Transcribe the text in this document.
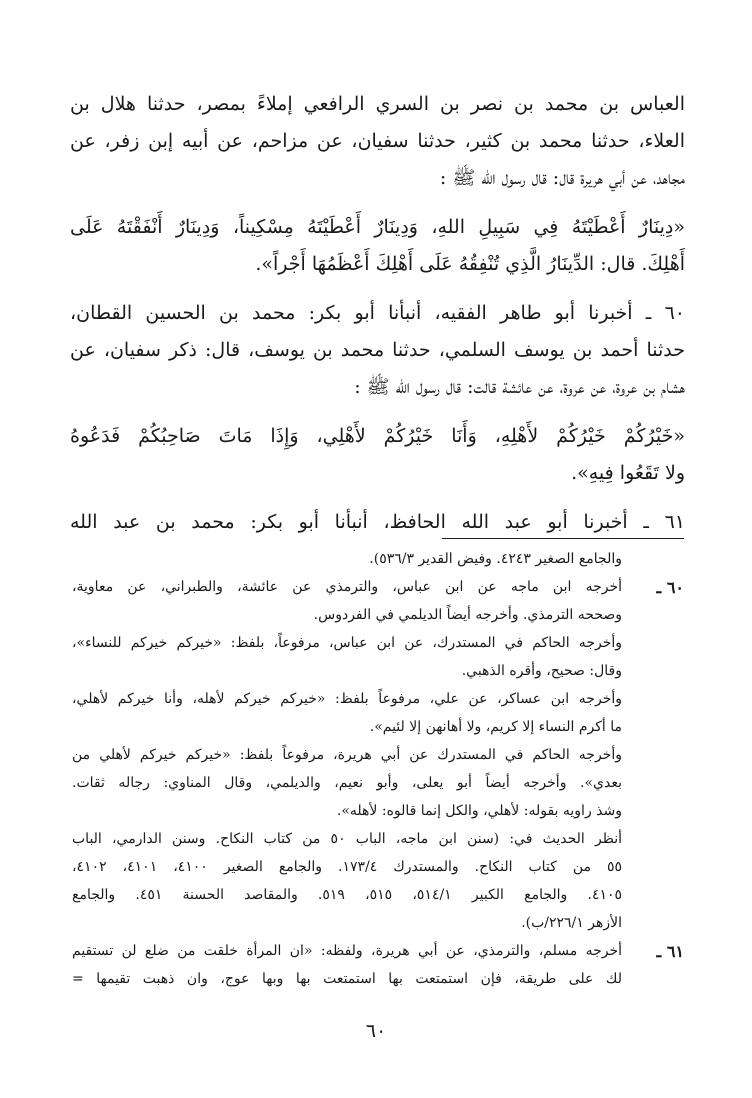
العباس بن محمد بن نصر بن السري الرافعي إملاءً بمصر، حدثنا هلال بن
العلاء، حدثنا محمد بن كثير، حدثنا سفيان، عن مزاحم، عن أبيه إبن زفر، عن
مجاهد، عن أبي هريرة قال: قال رسول الله ﷺ :
«دِينَارٌ أَعْطَيْتَهُ فِي سَبِيلِ اللهِ، وَدِينَارٌ أَعْطَيْتَهُ مِسْكِيناً، وَدِينَارٌ أَنْفَقْتَهُ عَلَى
أَهْلِكَ. قال: الدِّينَارُ الَّذِي تُنْفِقُهُ عَلَى أَهْلِكَ أَعْظَمُهَا أَجْراً».
٦٠ ـ أخبرنا أبو طاهر الفقيه، أنبأنا أبو بكر: محمد بن الحسين القطان،
حدثنا أحمد بن يوسف السلمي، حدثنا محمد بن يوسف، قال: ذكر سفيان، عن
هشام بن عروة، عن عروة، عن عائشة قالت: قال رسول الله ﷺ :
«خَيْرُكُمْ خَيْرُكُمْ لأَهْلِهِ، وَأَنَا خَيْرُكُمْ لأَهْلِي، وَإِذَا مَاتَ صَاحِبُكُمْ فَدَعُوهُ
ولا تَقَعُوا فِيهِ».
٦١ ـ أخبرنا أبو عبد الله الحافظ، أنبأنا أبو بكر: محمد بن عبد الله
والجامع الصغير ٤٢٤٣. وفيض القدير ٥٣٦/٣).
٦٠ ـ
أخرجه ابن ماجه عن ابن عباس، والترمذي عن عائشة، والطبراني، عن معاوية،
وصححه الترمذي. وأخرجه أيضاً الديلمي في الفردوس.
وأخرجه الحاكم في المستدرك، عن ابن عباس، مرفوعاً، بلفظ: «خيركم خيركم للنساء»،
وقال: صحيح، وأقره الذهبي.
وأخرجه ابن عساكر، عن علي، مرفوعاً بلفظ: «خيركم خيركم لأهله، وأنا خيركم لأهلي،
ما أكرم النساء إلا كريم، ولا أهانهن إلا لئيم».
وأخرجه الحاكم في المستدرك عن أبي هريرة، مرفوعاً بلفظ: «خيركم خيركم لأهلي من
بعدي». وأخرجه أيضاً أبو يعلى، وأبو نعيم، والديلمي، وقال المناوي: رجاله ثقات.
وشذ راويه بقوله: لأهلي، والكل إنما قالوه: لأهله».
أنظر الحديث في: (سنن ابن ماجه، الباب ٥٠ من كتاب النكاح. وسنن الدارمي، الباب
٥٥ من كتاب النكاح. والمستدرك ١٧٣/٤. والجامع الصغير ٤١٠٠، ٤١٠١، ٤١٠٢،
٤١٠٥. والجامع الكبير ٥١٤/١، ٥١٥، ٥١٩. والمقاصد الحسنة ٤٥١. والجامع
الأزهر ٢٢٦/١/ب).
٦١ ـ
أخرجه مسلم، والترمذي، عن أبي هريرة، ولفظه: «ان المرأة خلقت من ضلع لن تستقيم
لك على طريقة، فإن استمتعت بها استمتعت بها وبها عوج، وان ذهبت تقيمها =
٦٠
